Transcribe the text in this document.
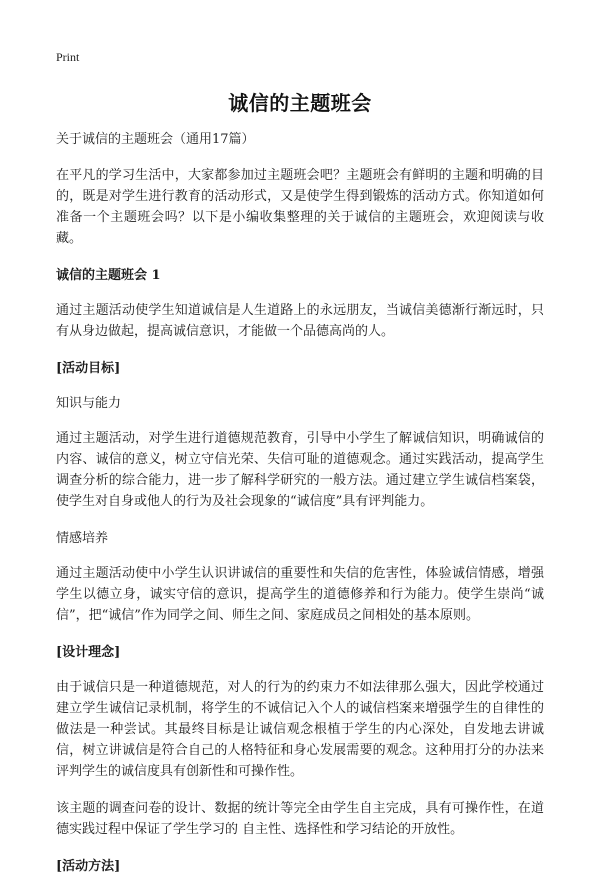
Print
诚信的主题班会
关于诚信的主题班会（通用17篇）

在平凡的学习生活中，大家都参加过主题班会吧？主题班会有鲜明的主题和明确的目的，既是对学生进行教育的活动形式，又是使学生得到锻炼的活动方式。你知道如何准备一个主题班会吗？以下是小编收集整理的关于诚信的主题班会，欢迎阅读与收藏。

诚信的主题班会 1

通过主题活动使学生知道诚信是人生道路上的永远朋友，当诚信美德渐行渐远时，只有从身边做起，提高诚信意识，才能做一个品德高尚的人。

[活动目标]

知识与能力

通过主题活动，对学生进行道德规范教育，引导中小学生了解诚信知识，明确诚信的内容、诚信的意义，树立守信光荣、失信可耻的道德观念。通过实践活动，提高学生调查分析的综合能力，进一步了解科学研究的一般方法。通过建立学生诚信档案袋，使学生对自身或他人的行为及社会现象的“诚信度”具有评判能力。

情感培养

通过主题活动使中小学生认识讲诚信的重要性和失信的危害性，体验诚信情感，增强学生以德立身，诚实守信的意识，提高学生的道德修养和行为能力。使学生崇尚“诚信”，把“诚信”作为同学之间、师生之间、家庭成员之间相处的基本原则。

[设计理念]

由于诚信只是一种道德规范，对人的行为的约束力不如法律那么强大，因此学校通过建立学生诚信记录机制，将学生的不诚信记入个人的诚信档案来增强学生的自律性的做法是一种尝试。其最终目标是让诚信观念根植于学生的内心深处，自发地去讲诚信，树立讲诚信是符合自己的人格特征和身心发展需要的观念。这种用打分的办法来评判学生的诚信度具有创新性和可操作性。

该主题的调查问卷的设计、数据的统计等完全由学生自主完成，具有可操作性，在道德实践过程中保证了学生学习的 自主性、选择性和学习结论的开放性。

[活动方法]
